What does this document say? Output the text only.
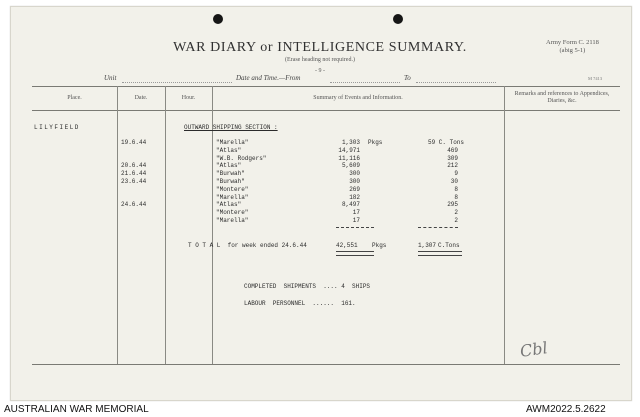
WAR DIARY or INTELLIGENCE SUMMARY.
(Erase heading not required.)
- 9 -
Army Form C. 2118
(abig 5-1)
M 7413
Unit	Date and Time.—From	To
Place.	Date.	Hour.	Summary of Events and Information.
Remarks and references to Appendices, Diaries, &c.
LILYFIELD	OUTWARD SHIPPING SECTION :
19.6.44	"Marella"	1,303 Pkgs	59 C. Tons
"Atlas"	14,971	469
"W.B. Rodgers"	11,116	309
20.6.44	"Atlas"	5,609	212
21.6.44	"Burwah"	300	9
23.6.44	"Burwah"	300	30
"Montere"	269	8
"Marella"	182	8
24.6.44	"Atlas"	8,497	295
"Montere"	17	2
"Marella"	17	2
T O T A L  for week ended 24.6.44	42,551 Pkgs	1,307 C.Tons
COMPLETED  SHIPMENTS  .... 4  SHIPS
LABOUR  PERSONNEL  ......  161.
Cbl
AUSTRALIAN WAR MEMORIAL	AWM2022.5.2622
